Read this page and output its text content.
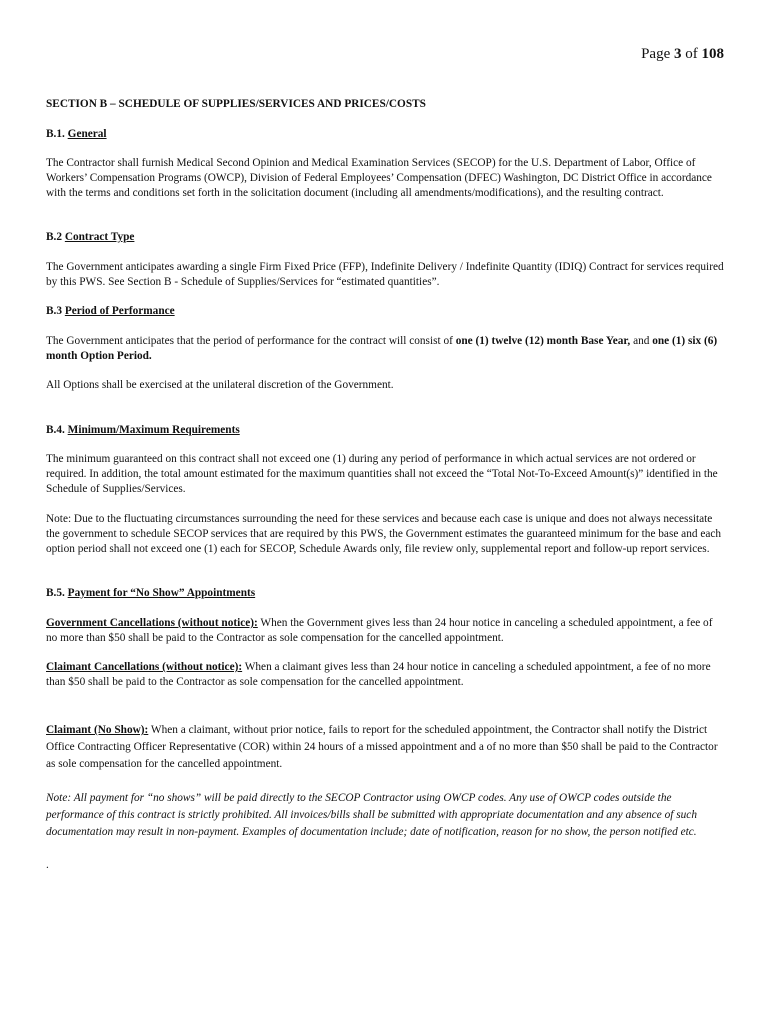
Page 3 of 108
SECTION B – SCHEDULE OF SUPPLIES/SERVICES AND PRICES/COSTS
B.1. General

The Contractor shall furnish Medical Second Opinion and Medical Examination Services (SECOP) for the U.S. Department of Labor, Office of Workers’ Compensation Programs (OWCP), Division of Federal Employees’ Compensation (DFEC) Washington, DC District Office in accordance with the terms and conditions set forth in the solicitation document (including all amendments/modifications), and the resulting contract.

B.2 Contract Type

The Government anticipates awarding a single Firm Fixed Price (FFP), Indefinite Delivery / Indefinite Quantity (IDIQ) Contract for services required by this PWS. See Section B - Schedule of Supplies/Services for “estimated quantities”.

B.3 Period of Performance

The Government anticipates that the period of performance for the contract will consist of one (1) twelve (12) month Base Year, and one (1) six (6) month Option Period.

All Options shall be exercised at the unilateral discretion of the Government.

B.4. Minimum/Maximum Requirements

The minimum guaranteed on this contract shall not exceed one (1) during any period of performance in which actual services are not ordered or required. In addition, the total amount estimated for the maximum quantities shall not exceed the “Total Not-To-Exceed Amount(s)” identified in the Schedule of Supplies/Services.

Note: Due to the fluctuating circumstances surrounding the need for these services and because each case is unique and does not always necessitate the government to schedule SECOP services that are required by this PWS, the Government estimates the guaranteed minimum for the base and each option period shall not exceed one (1) each for SECOP, Schedule Awards only, file review only, supplemental report and follow-up report services.

B.5. Payment for “No Show” Appointments

Government Cancellations (without notice): When the Government gives less than 24 hour notice in canceling a scheduled appointment, a fee of no more than $50 shall be paid to the Contractor as sole compensation for the cancelled appointment.

Claimant Cancellations (without notice): When a claimant gives less than 24 hour notice in canceling a scheduled appointment, a fee of no more than $50 shall be paid to the Contractor as sole compensation for the cancelled appointment.

Claimant (No Show): When a claimant, without prior notice, fails to report for the scheduled appointment, the Contractor shall notify the District Office Contracting Officer Representative (COR) within 24 hours of a missed appointment and a of no more than $50 shall be paid to the Contractor as sole compensation for the cancelled appointment.

Note: All payment for “no shows” will be paid directly to the SECOP Contractor using OWCP codes. Any use of OWCP codes outside the performance of this contract is strictly prohibited. All invoices/bills shall be submitted with appropriate documentation and any absence of such documentation may result in non-payment. Examples of documentation include; date of notification, reason for no show, the person notified etc.

.
